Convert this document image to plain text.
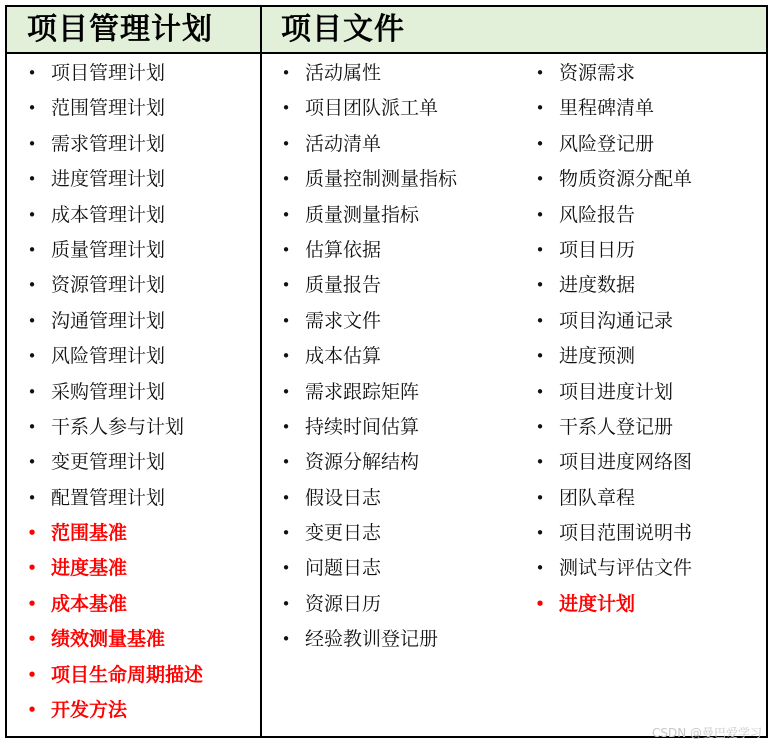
项目管理计划 项目文件
• 项目管理计划
• 范围管理计划
• 需求管理计划
• 进度管理计划
• 成本管理计划
• 质量管理计划
• 资源管理计划
• 沟通管理计划
• 风险管理计划
• 采购管理计划
• 干系人参与计划
• 变更管理计划
• 配置管理计划
• 范围基准
• 进度基准
• 成本基准
• 绩效测量基准
• 项目生命周期描述
• 开发方法
• 活动属性
• 项目团队派工单
• 活动清单
• 质量控制测量指标
• 质量测量指标
• 估算依据
• 质量报告
• 需求文件
• 成本估算
• 需求跟踪矩阵
• 持续时间估算
• 资源分解结构
• 假设日志
• 变更日志
• 问题日志
• 资源日历
• 经验教训登记册
• 资源需求
• 里程碑清单
• 风险登记册
• 物质资源分配单
• 风险报告
• 项目日历
• 进度数据
• 项目沟通记录
• 进度预测
• 项目进度计划
• 干系人登记册
• 项目进度网络图
• 团队章程
• 项目范围说明书
• 测试与评估文件
• 进度计划
CSDN @曼巴爱学习
